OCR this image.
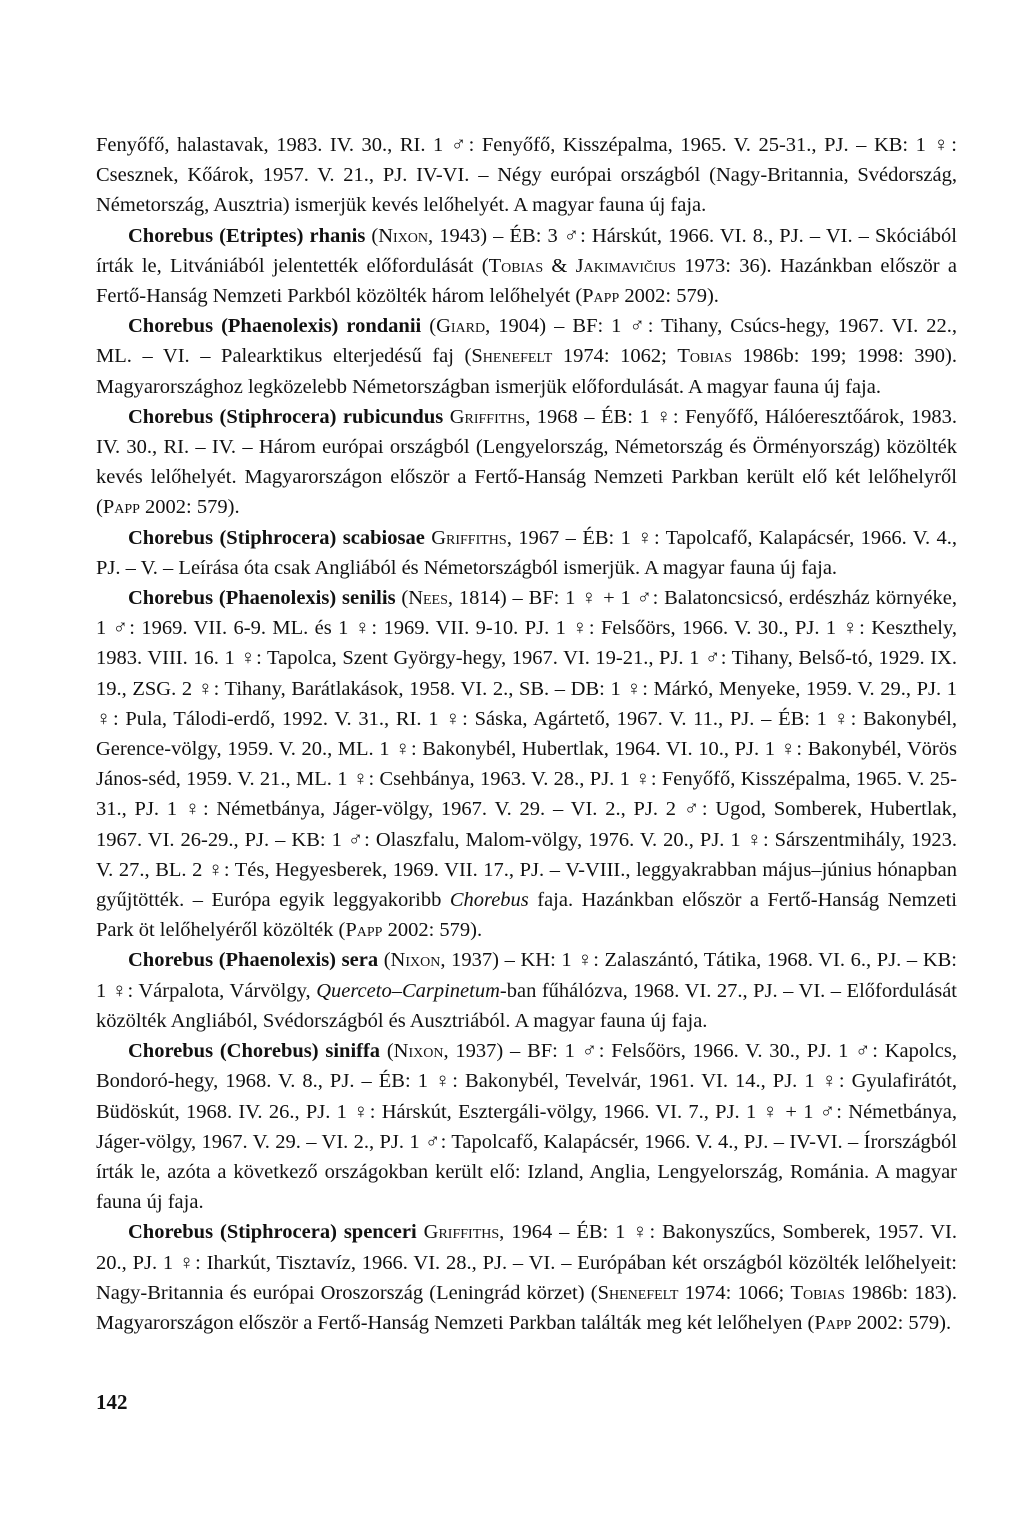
Fenyőfő, halastavak, 1983. IV. 30., RI. 1 ♂: Fenyőfő, Kisszépalma, 1965. V. 25-31., PJ. – KB: 1 ♀: Csesznek, Kőárok, 1957. V. 21., PJ. IV-VI. – Négy európai országból (Nagy-Britannia, Svédország, Németország, Ausztria) ismerjük kevés lelőhelyét. A magyar fauna új faja.

Chorebus (Etriptes) rhanis (Nixon, 1943) – ÉB: 3 ♂: Hárskút, 1966. VI. 8., PJ. – VI. – Skóciából írták le, Litvániából jelentették előfordulását (Tobias & Jakimavičius 1973: 36). Hazánkban először a Fertő-Hanság Nemzeti Parkból közölték három lelőhelyét (Papp 2002: 579).

Chorebus (Phaenolexis) rondanii (Giard, 1904) – BF: 1 ♂: Tihany, Csúcs-hegy, 1967. VI. 22., ML. – VI. – Palearktikus elterjedésű faj (Shenefelt 1974: 1062; Tobias 1986b: 199; 1998: 390). Magyarországhoz legközelebb Németországban ismerjük előfordulását. A magyar fauna új faja.

Chorebus (Stiphrocera) rubicundus Griffiths, 1968 – ÉB: 1 ♀: Fenyőfő, Hálóeresztőárok, 1983. IV. 30., RI. – IV. – Három európai országból (Lengyelország, Németország és Örményország) közölték kevés lelőhelyét. Magyarországon először a Fertő-Hanság Nemzeti Parkban került elő két lelőhelyről (Papp 2002: 579).

Chorebus (Stiphrocera) scabiosae Griffiths, 1967 – ÉB: 1 ♀: Tapolcafő, Kalapácsér, 1966. V. 4., PJ. – V. – Leírása óta csak Angliából és Németországból ismerjük. A magyar fauna új faja.

Chorebus (Phaenolexis) senilis (Nees, 1814) – BF: 1 ♀ + 1 ♂: Balatoncsicsó, erdészház környéke, 1 ♂: 1969. VII. 6-9. ML. és 1 ♀: 1969. VII. 9-10. PJ. 1 ♀: Felsőörs, 1966. V. 30., PJ. 1 ♀: Keszthely, 1983. VIII. 16. 1 ♀: Tapolca, Szent György-hegy, 1967. VI. 19-21., PJ. 1 ♂: Tihany, Belső-tó, 1929. IX. 19., ZSG. 2 ♀: Tihany, Barátlakások, 1958. VI. 2., SB. – DB: 1 ♀: Márkó, Menyeke, 1959. V. 29., PJ. 1 ♀: Pula, Tálodi-erdő, 1992. V. 31., RI. 1 ♀: Sáska, Agártető, 1967. V. 11., PJ. – ÉB: 1 ♀: Bakonybél, Gerence-völgy, 1959. V. 20., ML. 1 ♀: Bakonybél, Hubertlak, 1964. VI. 10., PJ. 1 ♀: Bakonybél, Vörös János-séd, 1959. V. 21., ML. 1 ♀: Csehbánya, 1963. V. 28., PJ. 1 ♀: Fenyőfő, Kisszépalma, 1965. V. 25-31., PJ. 1 ♀: Németbánya, Jáger-völgy, 1967. V. 29. – VI. 2., PJ. 2 ♂: Ugod, Somberek, Hubertlak, 1967. VI. 26-29., PJ. – KB: 1 ♂: Olaszfalu, Malom-völgy, 1976. V. 20., PJ. 1 ♀: Sárszentmihály, 1923. V. 27., BL. 2 ♀: Tés, Hegyesberek, 1969. VII. 17., PJ. – V-VIII., leggyakrabban május–június hónapban gyűjtötték. – Európa egyik leggyakoribb Chorebus faja. Hazánkban először a Fertő-Hanság Nemzeti Park öt lelőhelyéről közölték (Papp 2002: 579).

Chorebus (Phaenolexis) sera (Nixon, 1937) – KH: 1 ♀: Zalaszántó, Tátika, 1968. VI. 6., PJ. – KB: 1 ♀: Várpalota, Várvölgy, Querceto–Carpinetum-ban fűhálózva, 1968. VI. 27., PJ. – VI. – Előfordulását közölték Angliából, Svédországból és Ausztriából. A magyar fauna új faja.

Chorebus (Chorebus) siniffa (Nixon, 1937) – BF: 1 ♂: Felsőörs, 1966. V. 30., PJ. 1 ♂: Kapolcs, Bondoró-hegy, 1968. V. 8., PJ. – ÉB: 1 ♀: Bakonybél, Tevelvár, 1961. VI. 14., PJ. 1 ♀: Gyulafirátót, Büdöskút, 1968. IV. 26., PJ. 1 ♀: Hárskút, Esztergáli-völgy, 1966. VI. 7., PJ. 1 ♀ + 1 ♂: Németbánya, Jáger-völgy, 1967. V. 29. – VI. 2., PJ. 1 ♂: Tapolcafő, Kalapácsér, 1966. V. 4., PJ. – IV-VI. – Írországból írták le, azóta a következő országokban került elő: Izland, Anglia, Lengyelország, Románia. A magyar fauna új faja.

Chorebus (Stiphrocera) spenceri Griffiths, 1964 – ÉB: 1 ♀: Bakonyszűcs, Somberek, 1957. VI. 20., PJ. 1 ♀: Iharkút, Tisztavíz, 1966. VI. 28., PJ. – VI. – Európában két országból közölték lelőhelyeit: Nagy-Britannia és európai Oroszország (Leningrád körzet) (Shenefelt 1974: 1066; Tobias 1986b: 183). Magyarországon először a Fertő-Hanság Nemzeti Parkban találták meg két lelőhelyen (Papp 2002: 579).

142
